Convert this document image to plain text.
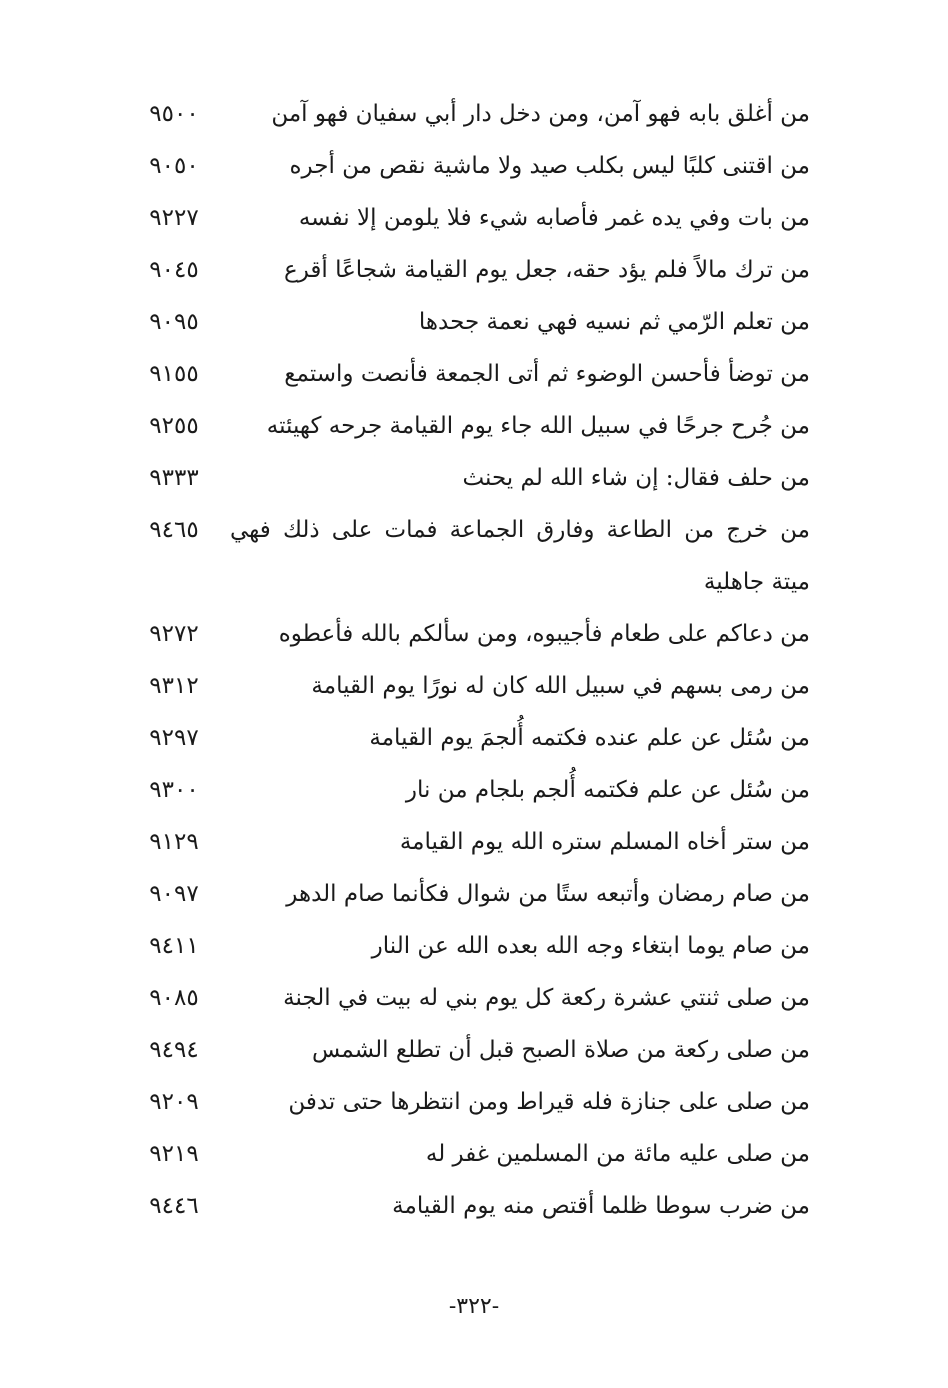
من أغلق بابه فهو آمن، ومن دخل دار أبي سفيان فهو آمن
٩٥٠٠
من اقتنى كلبًا ليس بكلب صيد ولا ماشية نقص من أجره
٩٠٥٠
من بات وفي يده غمر فأصابه شيء فلا يلومن إلا نفسه
٩٢٢٧
من ترك مالاً فلم يؤد حقه، جعل يوم القيامة شجاعًا أقرع
٩٠٤٥
من تعلم الرّمي ثم نسيه فهي نعمة جحدها
٩٠٩٥
من توضأ فأحسن الوضوء ثم أتى الجمعة فأنصت واستمع
٩١٥٥
من جُرح جرحًا في سبيل الله جاء يوم القيامة جرحه كهيئته
٩٢٥٥
من حلف فقال: إن شاء الله لم يحنث
٩٣٣٣
من خرج من الطاعة وفارق الجماعة فمات على ذلك فهي ميتة جاهلية
٩٤٦٥
من دعاكم على طعام فأجيبوه، ومن سألكم بالله فأعطوه
٩٢٧٢
من رمى بسهم في سبيل الله كان له نورًا يوم القيامة
٩٣١٢
من سُئل عن علم عنده فكتمه أُلجمَ يوم القيامة
٩٢٩٧
من سُئل عن علم فكتمه أُلجم بلجام من نار
٩٣٠٠
من ستر أخاه المسلم ستره الله يوم القيامة
٩١٢٩
من صام رمضان وأتبعه ستًا من شوال فكأنما صام الدهر
٩٠٩٧
من صام يوما ابتغاء وجه الله بعده الله عن النار
٩٤١١
من صلى ثنتي عشرة ركعة كل يوم بني له بيت في الجنة
٩٠٨٥
من صلى ركعة من صلاة الصبح قبل أن تطلع الشمس
٩٤٩٤
من صلى على جنازة فله قيراط ومن انتظرها حتى تدفن
٩٢٠٩
من صلى عليه مائة من المسلمين غفر له
٩٢١٩
من ضرب سوطا ظلما أقتص منه يوم القيامة
٩٤٤٦
-٣٢٢-
